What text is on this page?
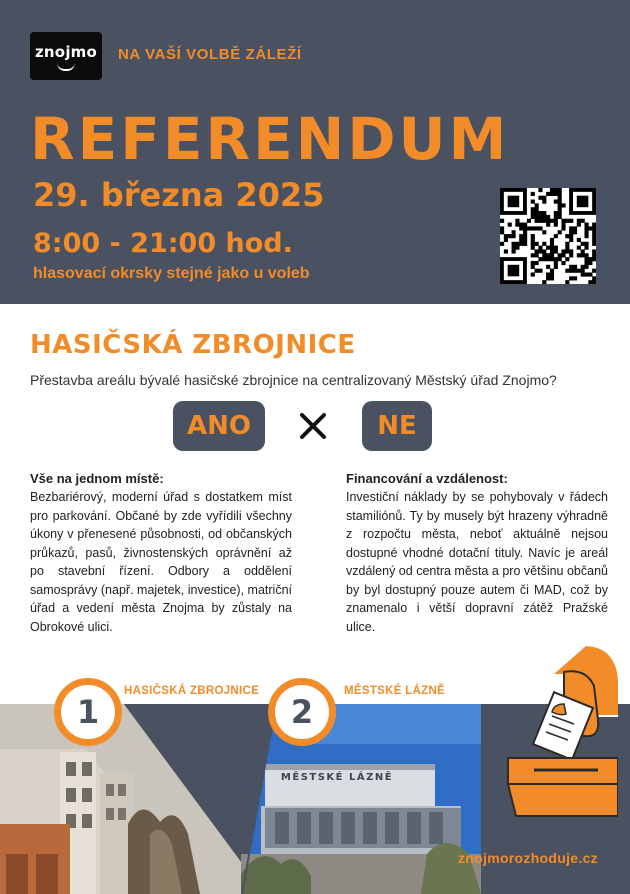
znojmo	NA VAŠÍ VOLBĚ ZÁLEŽÍ
REFERENDUM
29. března 2025
8:00 - 21:00 hod.
hlasovací okrsky stejné jako u voleb
HASIČSKÁ ZBROJNICE
Přestavba areálu bývalé hasičské zbrojnice na centralizovaný Městský úřad Znojmo?
ANO	NE
Vše na jednom místě:
Bezbariérový, moderní úřad s dostatkem míst pro parkování. Občané by zde vyřídili všechny úkony v přenesené působnosti, od občanských průkazů, pasů, živnostenských oprávnění až po stavební řízení. Odbory a oddělení samosprávy (např. majetek, investice), matriční úřad a vedení města Znojma by zůstaly na Obrokové ulici.
Financování a vzdálenost:
Investiční náklady by se pohybovaly v řádech stamiliónů. Ty by musely být hrazeny výhradně z rozpočtu města, neboť aktuálně nejsou dostupné vhodné dotační tituly. Navíc je areál vzdálený od centra města a pro většinu občanů by byl dostupný pouze autem či MAD, což by znamenalo i větší dopravní zátěž Pražské ulice.
MĚSTSKÉ LÁZNĚ
1
HASIČSKÁ ZBROJNICE
2
MĚSTSKÉ LÁZNĚ
znojmorozhoduje.cz
